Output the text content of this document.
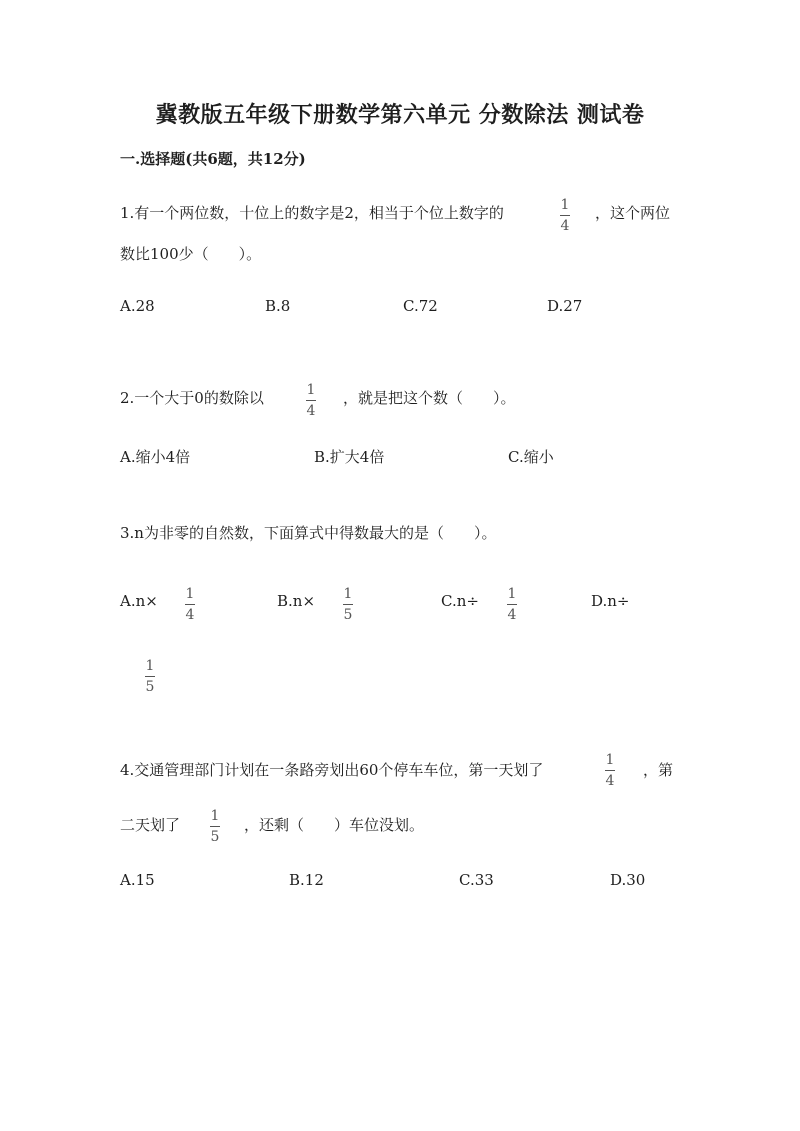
冀教版五年级下册数学第六单元 分数除法 测试卷
一.选择题(共6题，共12分)
1.有一个两位数，十位上的数字是2，相当于个位上数字的	1
4
，这个两位
数比100少（　　）。
A.28	B.8	C.72	D.27
2.一个大于0的数除以	1
4
，就是把这个数（　　）。
A.缩小4倍	B.扩大4倍	C.缩小
3.n为非零的自然数，下面算式中得数最大的是（　　）。
A.n× 1
4
B.n× 1
5
C.n÷ 1
4
D.n÷
1
5
4.交通管理部门计划在一条路旁划出60个停车车位，第一天划了
1
4
，第
二天划了 1
5
，还剩（　　）车位没划。
A.15	B.12	C.33	D.30
